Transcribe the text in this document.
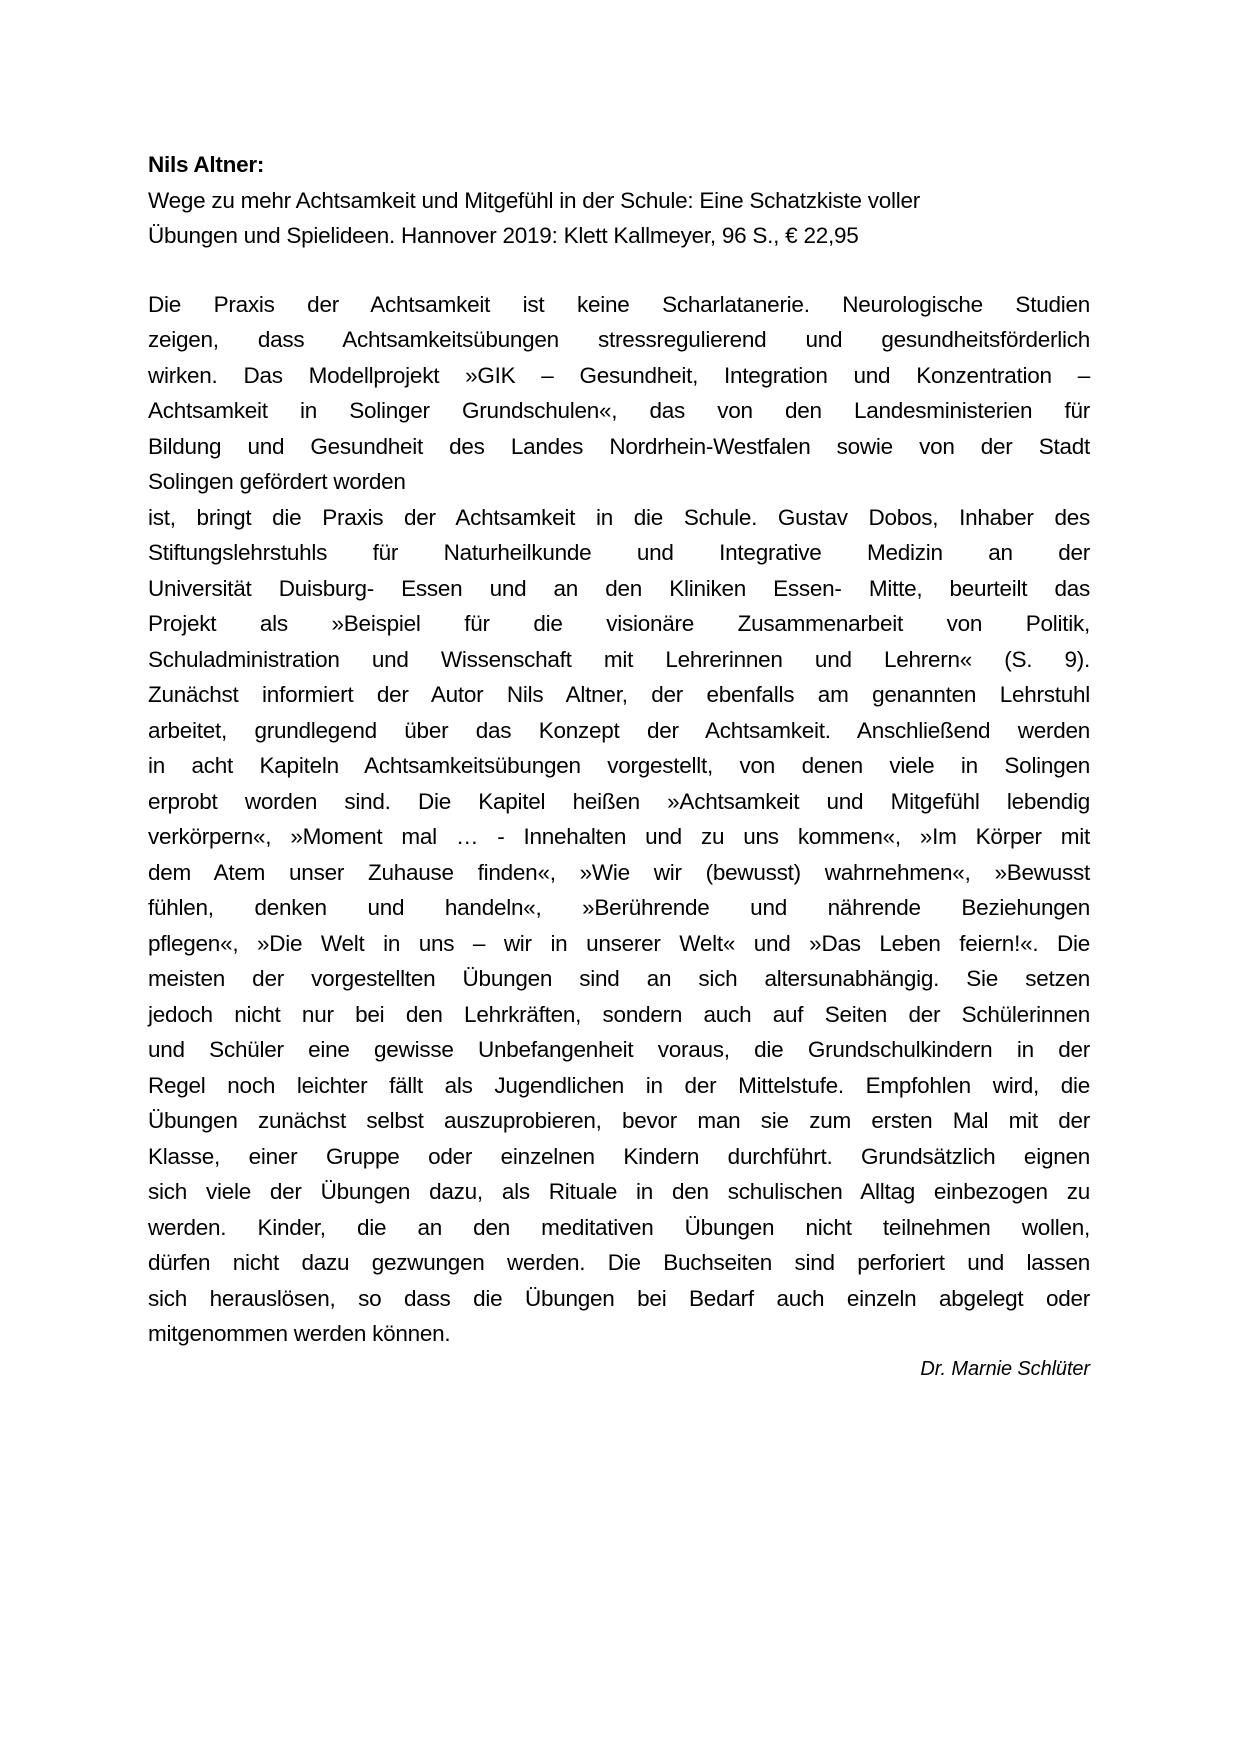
Nils Altner:
Wege zu mehr Achtsamkeit und Mitgefühl in der Schule: Eine Schatzkiste voller
Übungen und Spielideen. Hannover 2019: Klett Kallmeyer, 96 S., € 22,95
Die Praxis der Achtsamkeit ist keine Scharlatanerie. Neurologische Studien
zeigen, dass Achtsamkeitsübungen stressregulierend und gesundheitsförderlich
wirken. Das Modellprojekt »GIK – Gesundheit, Integration und Konzentration –
Achtsamkeit in Solinger Grundschulen«, das von den Landesministerien für
Bildung und Gesundheit des Landes Nordrhein-Westfalen sowie von der Stadt
Solingen gefördert worden
ist, bringt die Praxis der Achtsamkeit in die Schule. Gustav Dobos, Inhaber des
Stiftungslehrstuhls für Naturheilkunde und Integrative Medizin an der
Universität Duisburg- Essen und an den Kliniken Essen- Mitte, beurteilt das
Projekt als »Beispiel für die visionäre Zusammenarbeit von Politik,
Schuladministration und Wissenschaft mit Lehrerinnen und Lehrern« (S. 9).
Zunächst informiert der Autor Nils Altner, der ebenfalls am genannten Lehrstuhl
arbeitet, grundlegend über das Konzept der Achtsamkeit. Anschließend werden
in acht Kapiteln Achtsamkeitsübungen vorgestellt, von denen viele in Solingen
erprobt worden sind. Die Kapitel heißen »Achtsamkeit und Mitgefühl lebendig
verkörpern«, »Moment mal … - Innehalten und zu uns kommen«, »Im Körper mit
dem Atem unser Zuhause finden«, »Wie wir (bewusst) wahrnehmen«, »Bewusst
fühlen, denken und handeln«, »Berührende und nährende Beziehungen
pflegen«, »Die Welt in uns – wir in unserer Welt« und »Das Leben feiern!«. Die
meisten der vorgestellten Übungen sind an sich altersunabhängig. Sie setzen
jedoch nicht nur bei den Lehrkräften, sondern auch auf Seiten der Schülerinnen
und Schüler eine gewisse Unbefangenheit voraus, die Grundschulkindern in der
Regel noch leichter fällt als Jugendlichen in der Mittelstufe. Empfohlen wird, die
Übungen zunächst selbst auszuprobieren, bevor man sie zum ersten Mal mit der
Klasse, einer Gruppe oder einzelnen Kindern durchführt. Grundsätzlich eignen
sich viele der Übungen dazu, als Rituale in den schulischen Alltag einbezogen zu
werden. Kinder, die an den meditativen Übungen nicht teilnehmen wollen,
dürfen nicht dazu gezwungen werden. Die Buchseiten sind perforiert und lassen
sich herauslösen, so dass die Übungen bei Bedarf auch einzeln abgelegt oder
mitgenommen werden können.
Dr. Marnie Schlüter
